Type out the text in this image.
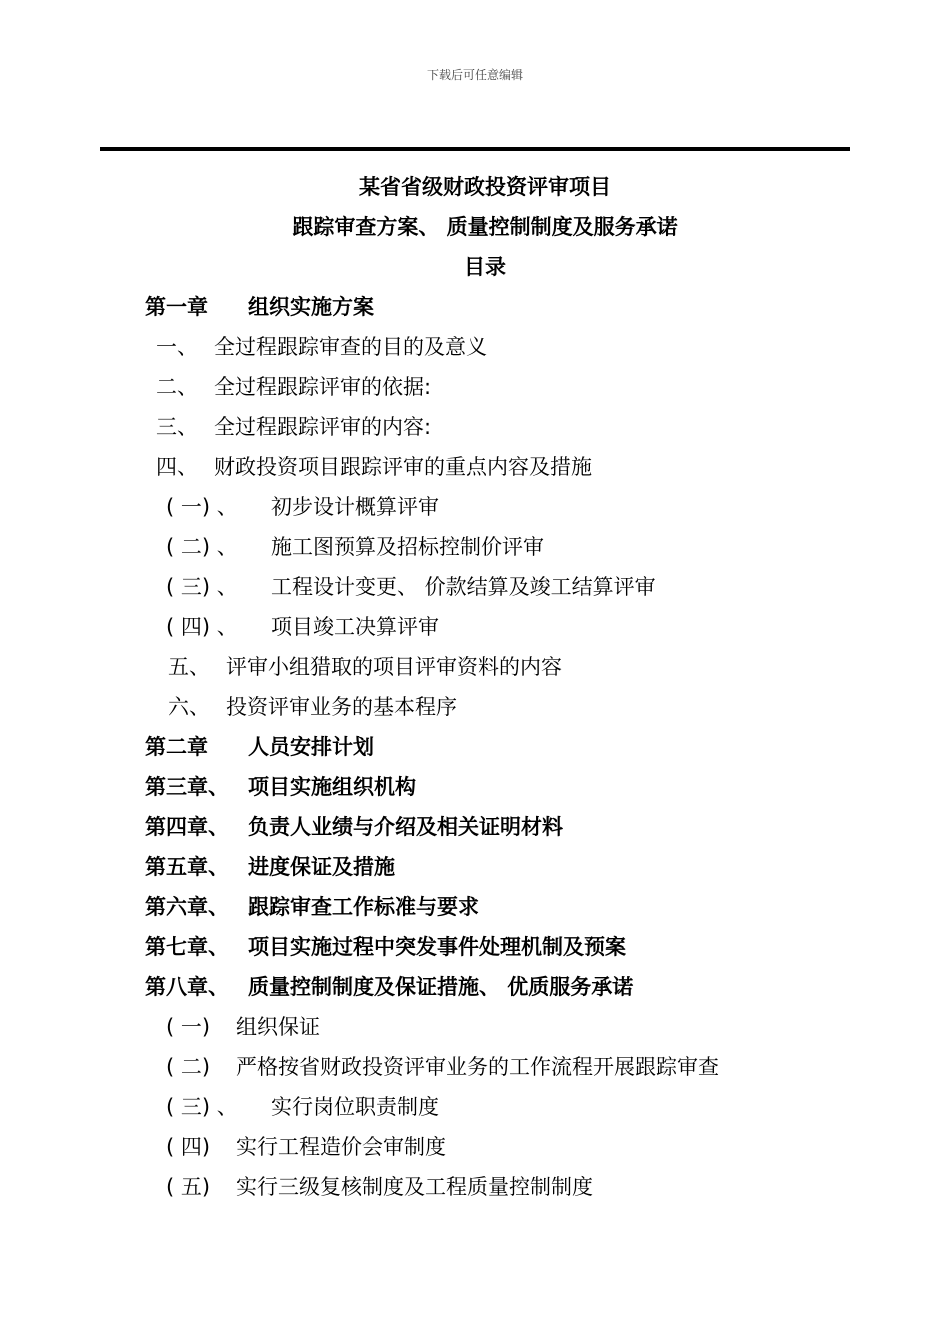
下载后可任意编辑
某省省级财政投资评审项目
跟踪审查方案、 质量控制制度及服务承诺
目录
第一章 组织实施方案
一、 全过程跟踪审查的目的及意义
二、 全过程跟踪评审的依据:
三、 全过程跟踪评审的内容:
四、 财政投资项目跟踪评审的重点内容及措施
( 一) 、 初步设计概算评审
( 二) 、 施工图预算及招标控制价评审
( 三) 、 工程设计变更、 价款结算及竣工结算评审
( 四) 、 项目竣工决算评审
五、 评审小组猎取的项目评审资料的内容
六、 投资评审业务的基本程序
第二章 人员安排计划
第三章、 项目实施组织机构
第四章、 负责人业绩与介绍及相关证明材料
第五章、 进度保证及措施
第六章、 跟踪审查工作标准与要求
第七章、 项目实施过程中突发事件处理机制及预案
第八章、 质量控制制度及保证措施、 优质服务承诺
( 一) 组织保证
( 二) 严格按省财政投资评审业务的工作流程开展跟踪审查
( 三) 、 实行岗位职责制度
( 四) 实行工程造价会审制度
( 五) 实行三级复核制度及工程质量控制制度
